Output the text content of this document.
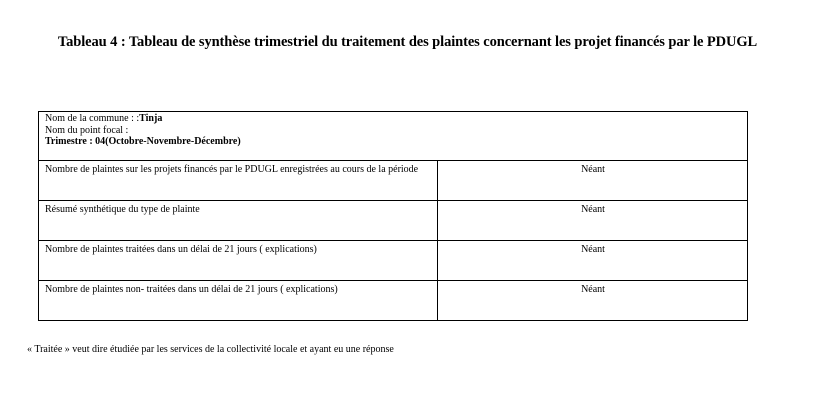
Tableau 4 : Tableau de synthèse trimestriel du traitement des plaintes concernant les projet financés par le PDUGL
Nom de la commune : :Tinja
Nom du point focal :
Trimestre : 04(Octobre-Novembre-Décembre)	

Nombre de plaintes sur les projets financés par le PDUGL enregistrées au cours de la période	Néant
Résumé synthétique du type de plainte	Néant
Nombre de plaintes traitées dans un délai de 21 jours ( explications)	Néant
Nombre de plaintes non- traitées dans un délai de 21 jours ( explications)	Néant
« Traitée » veut dire étudiée par les services de la collectivité locale et ayant eu une réponse
